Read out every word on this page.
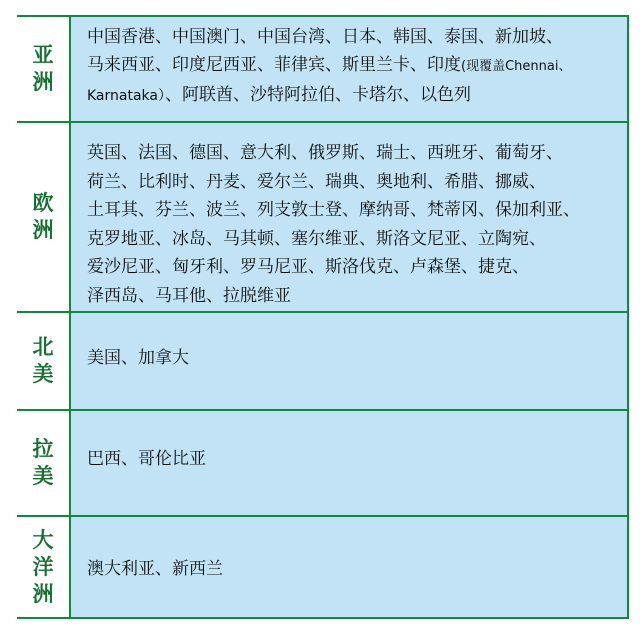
亚
洲
中国香港、中国澳门、中国台湾、日本、韩国、泰国、新加坡、
马来西亚、印度尼西亚、菲律宾、斯里兰卡、印度(现覆盖Chennai、
Karnataka）、阿联酋、沙特阿拉伯、卡塔尔、以色列
欧
洲
英国、法国、德国、意大利、俄罗斯、瑞士、西班牙、葡萄牙、
荷兰、比利时、丹麦、爱尔兰、瑞典、奥地利、希腊、挪威、
土耳其、芬兰、波兰、列支敦士登、摩纳哥、梵蒂冈、保加利亚、
克罗地亚、冰岛、马其顿、塞尔维亚、斯洛文尼亚、立陶宛、
爱沙尼亚、匈牙利、罗马尼亚、斯洛伐克、卢森堡、捷克、
泽西岛、马耳他、拉脱维亚
北
美
美国、加拿大
拉
美
巴西、哥伦比亚
大
洋
洲
澳大利亚、新西兰
